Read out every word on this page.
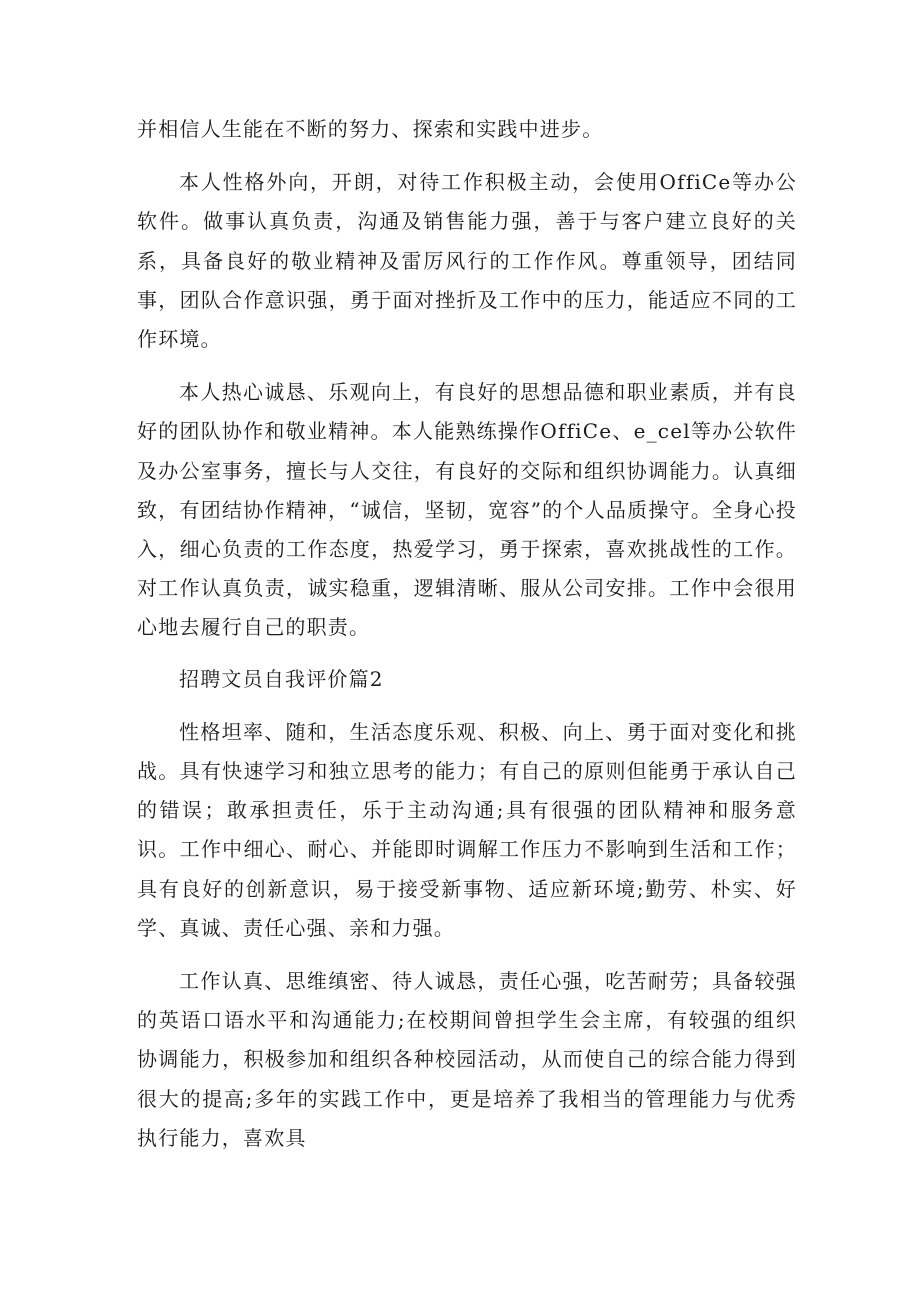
并相信人生能在不断的努力、探索和实践中进步。

本人性格外向，开朗，对待工作积极主动，会使用OffiCe等办公软件。做事认真负责，沟通及销售能力强，善于与客户建立良好的关系，具备良好的敬业精神及雷厉风行的工作作风。尊重领导，团结同事，团队合作意识强，勇于面对挫折及工作中的压力，能适应不同的工作环境。

本人热心诚恳、乐观向上，有良好的思想品德和职业素质，并有良好的团队协作和敬业精神。本人能熟练操作OffiCe、e_cel等办公软件及办公室事务，擅长与人交往，有良好的交际和组织协调能力。认真细致，有团结协作精神，“诚信，坚韧，宽容”的个人品质操守。全身心投入，细心负责的工作态度，热爱学习，勇于探索，喜欢挑战性的工作。对工作认真负责，诚实稳重，逻辑清晰、服从公司安排。工作中会很用心地去履行自己的职责。

招聘文员自我评价篇2

性格坦率、随和，生活态度乐观、积极、向上、勇于面对变化和挑战。具有快速学习和独立思考的能力；有自己的原则但能勇于承认自己的错误；敢承担责任，乐于主动沟通;具有很强的团队精神和服务意识。工作中细心、耐心、并能即时调解工作压力不影响到生活和工作；具有良好的创新意识，易于接受新事物、适应新环境;勤劳、朴实、好学、真诚、责任心强、亲和力强。

工作认真、思维缜密、待人诚恳，责任心强，吃苦耐劳；具备较强的英语口语水平和沟通能力;在校期间曾担学生会主席，有较强的组织协调能力，积极参加和组织各种校园活动，从而使自己的综合能力得到很大的提高;多年的实践工作中，更是培养了我相当的管理能力与优秀执行能力，喜欢具
